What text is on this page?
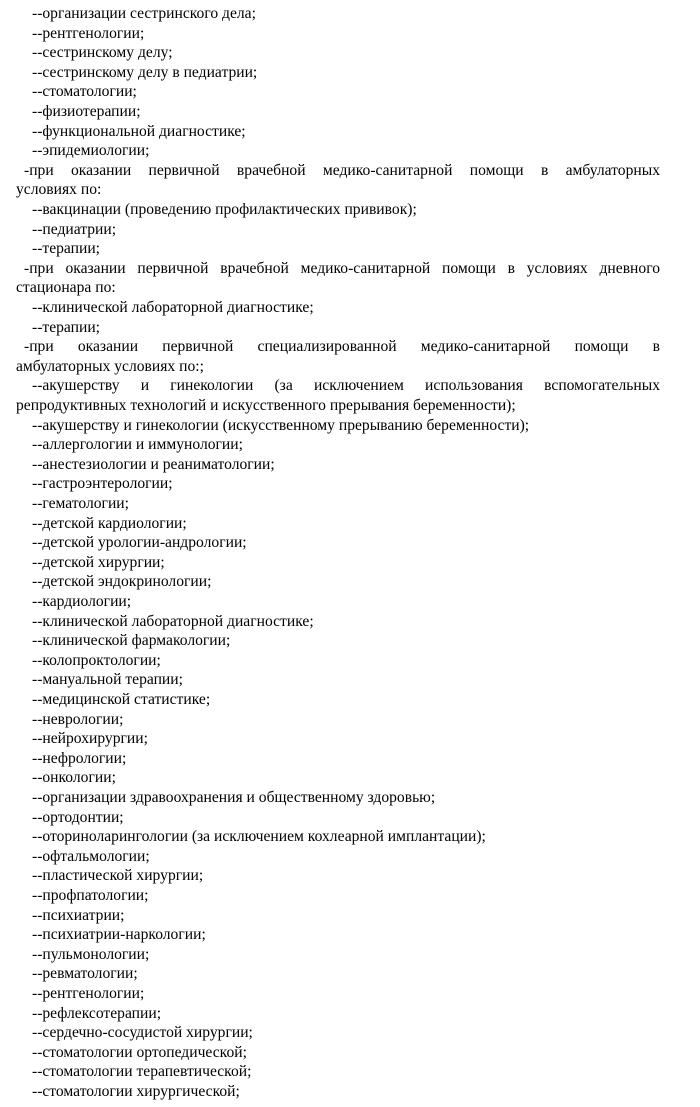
--организации сестринского дела;
--рентгенологии;
--сестринскому делу;
--сестринскому делу в педиатрии;
--стоматологии;
--физиотерапии;
--функциональной диагностике;
--эпидемиологии;
-при оказании первичной врачебной медико-санитарной помощи в амбулаторных
условиях по:
--вакцинации (проведению профилактических прививок);
--педиатрии;
--терапии;
-при оказании первичной врачебной медико-санитарной помощи в условиях дневного
стационара по:
--клинической лабораторной диагностике;
--терапии;
-при оказании первичной специализированной медико-санитарной помощи в
амбулаторных условиях по:;
--акушерству и гинекологии (за исключением использования вспомогательных
репродуктивных технологий и искусственного прерывания беременности);
--акушерству и гинекологии (искусственному прерыванию беременности);
--аллергологии и иммунологии;
--анестезиологии и реаниматологии;
--гастроэнтерологии;
--гематологии;
--детской кардиологии;
--детской урологии-андрологии;
--детской хирургии;
--детской эндокринологии;
--кардиологии;
--клинической лабораторной диагностике;
--клинической фармакологии;
--колопроктологии;
--мануальной терапии;
--медицинской статистике;
--неврологии;
--нейрохирургии;
--нефрологии;
--онкологии;
--организации здравоохранения и общественному здоровью;
--ортодонтии;
--оториноларингологии (за исключением кохлеарной имплантации);
--офтальмологии;
--пластической хирургии;
--профпатологии;
--психиатрии;
--психиатрии-наркологии;
--пульмонологии;
--ревматологии;
--рентгенологии;
--рефлексотерапии;
--сердечно-сосудистой хирургии;
--стоматологии ортопедической;
--стоматологии терапевтической;
--стоматологии хирургической;
